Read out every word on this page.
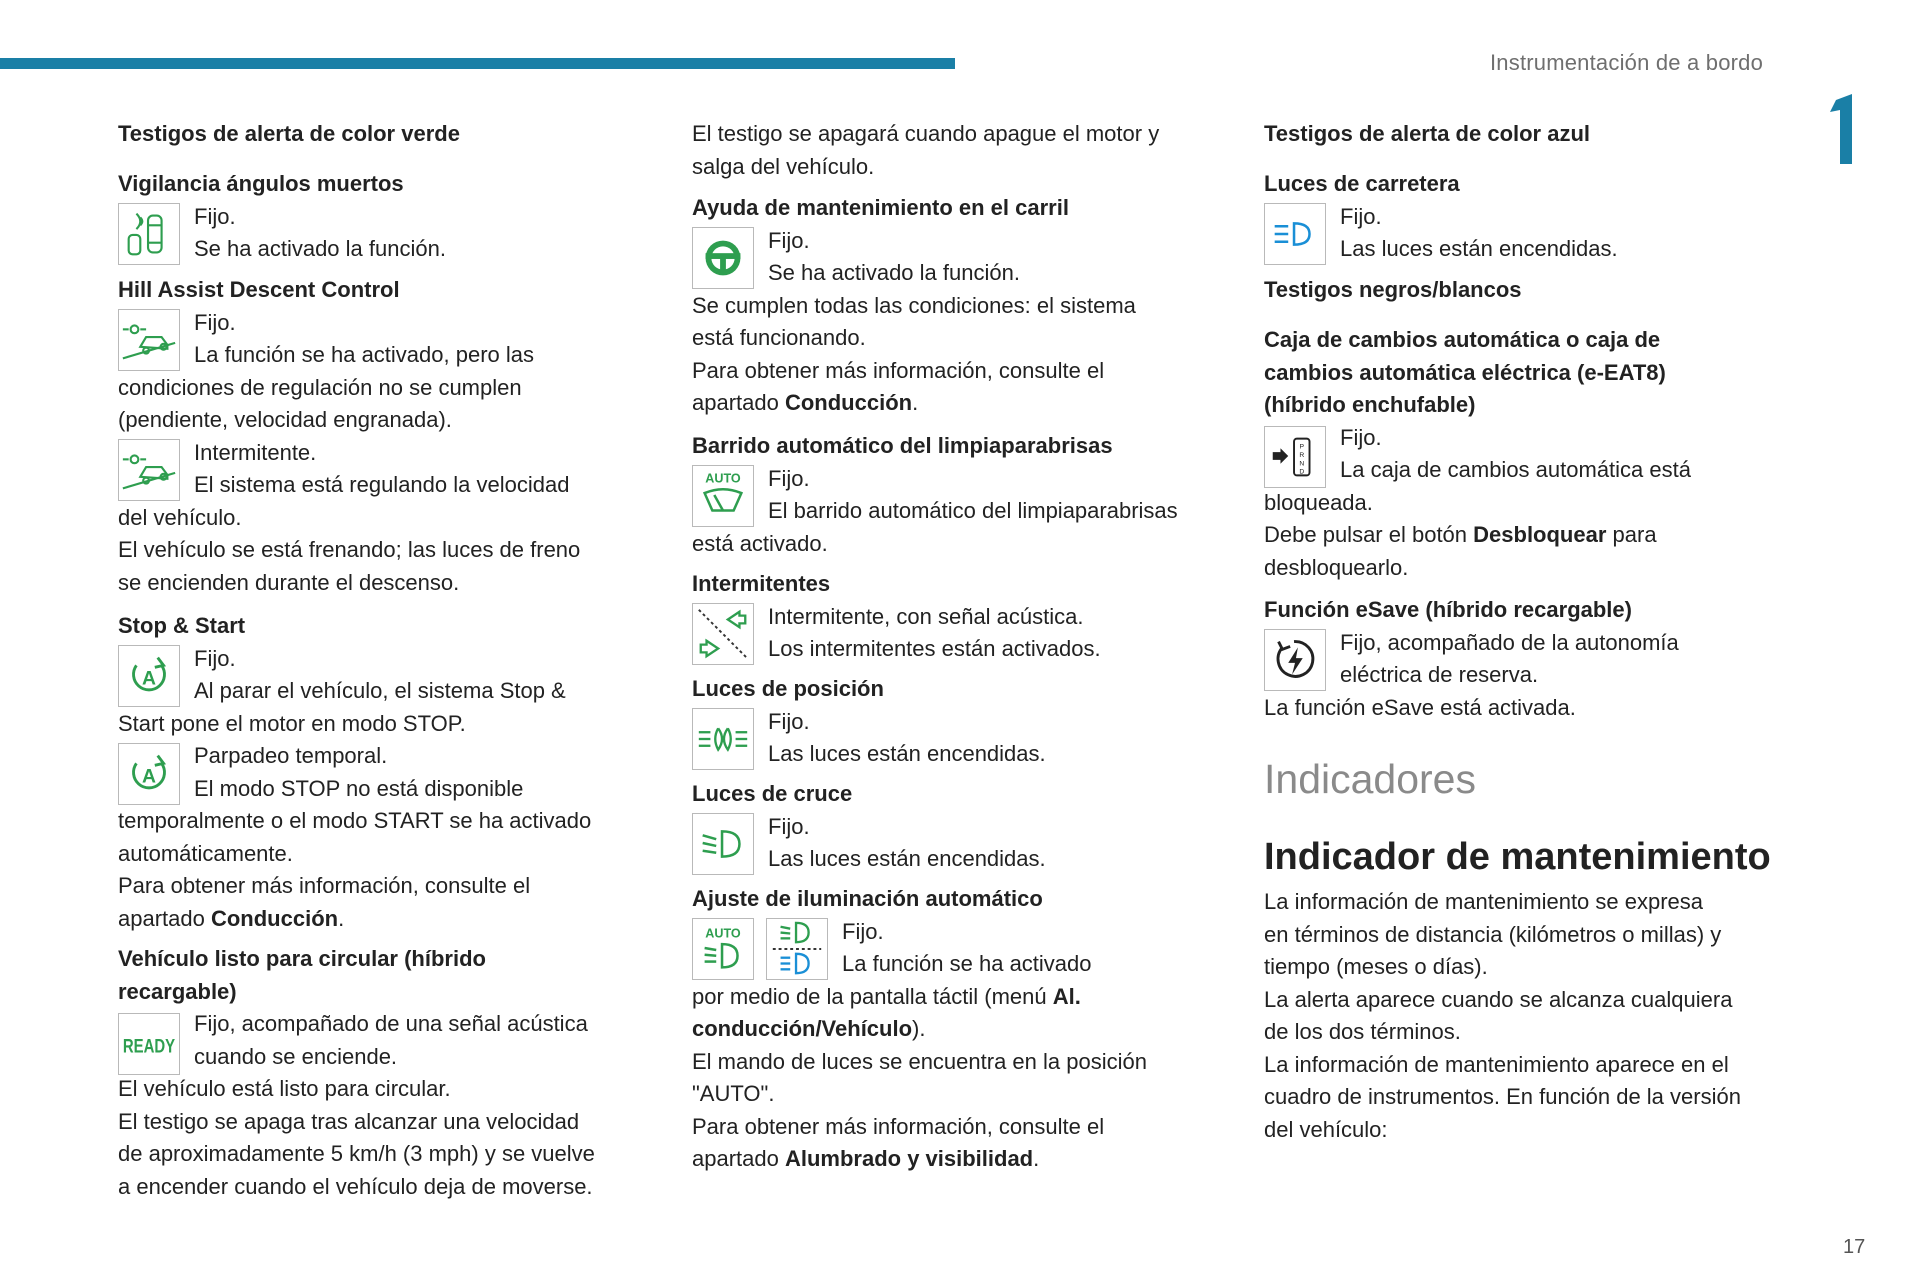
Instrumentación de a bordo
17

Testigos de alerta de color verde

Vigilancia ángulos muertos

Fijo.

Se ha activado la función.

Hill Assist Descent Control

Fijo.

La función se ha activado, pero las

condiciones de regulación no se cumplen

(pendiente, velocidad engranada).

Intermitente.

El sistema está regulando la velocidad

del vehículo.

El vehículo se está frenando; las luces de freno

se encienden durante el descenso.

Stop & Start

A

Fijo.

Al parar el vehículo, el sistema Stop &

Start pone el motor en modo STOP.

A

Parpadeo temporal.

El modo STOP no está disponible

temporalmente o el modo START se ha activado

automáticamente.

Para obtener más información, consulte el

apartado Conducción.

Vehículo listo para circular (híbrido

recargable)

READY

Fijo, acompañado de una señal acústica

cuando se enciende.

El vehículo está listo para circular.

El testigo se apaga tras alcanzar una velocidad

de aproximadamente 5 km/h (3 mph) y se vuelve

a encender cuando el vehículo deja de moverse.

El testigo se apagará cuando apague el motor y

salga del vehículo.

Ayuda de mantenimiento en el carril

Fijo.

Se ha activado la función.

Se cumplen todas las condiciones: el sistema

está funcionando.

Para obtener más información, consulte el

apartado Conducción.

Barrido automático del limpiaparabrisas

AUTO	Fijo.

El barrido automático del limpiaparabrisas

está activado.

Intermitentes

Intermitente, con señal acústica.

Los intermitentes están activados.

Luces de posición

Fijo.

Las luces están encendidas.

Luces de cruce

Fijo.

Las luces están encendidas.

Ajuste de iluminación automático

AUTO	Fijo.

La función se ha activado

por medio de la pantalla táctil (menú Al.

conducción/Vehículo).

El mando de luces se encuentra en la posición

"AUTO".

Para obtener más información, consulte el

apartado Alumbrado y visibilidad.

Testigos de alerta de color azul

Luces de carretera

Fijo.

Las luces están encendidas.

Testigos negros/blancos

Caja de cambios automática o caja de

cambios automática eléctrica (e-EAT8)

(híbrido enchufable)

P
R
N
D

Fijo.

La caja de cambios automática está

bloqueada.

Debe pulsar el botón Desbloquear para

desbloquearlo.

Función eSave (híbrido recargable)

Fijo, acompañado de la autonomía

eléctrica de reserva.

La función eSave está activada.

Indicadores

Indicador de mantenimiento

La información de mantenimiento se expresa

en términos de distancia (kilómetros o millas) y

tiempo (meses o días).

La alerta aparece cuando se alcanza cualquiera

de los dos términos.

La información de mantenimiento aparece en el

cuadro de instrumentos. En función de la versión

del vehículo:
